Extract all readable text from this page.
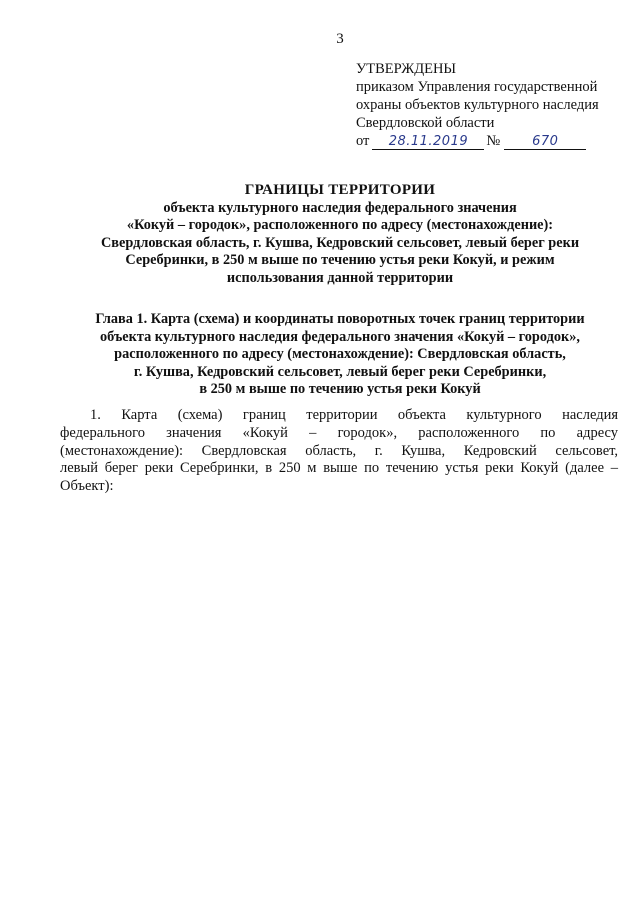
3
УТВЕРЖДЕНЫ
приказом Управления государственной
охраны объектов культурного наследия
Свердловской области
от	28.11.2019	№	670
ГРАНИЦЫ ТЕРРИТОРИИ
объекта культурного наследия федерального значения
«Кокуй – городок», расположенного по адресу (местонахождение):
Свердловская область, г. Кушва, Кедровский сельсовет, левый берег реки
Серебринки, в 250 м выше по течению устья реки Кокуй, и режим
использования данной территории
Глава 1. Карта (схема) и координаты поворотных точек границ территории
объекта культурного наследия федерального значения «Кокуй – городок»,
расположенного по адресу (местонахождение): Свердловская область,
г. Кушва, Кедровский сельсовет, левый берег реки Серебринки,
в 250 м выше по течению устья реки Кокуй
1. Карта (схема) границ территории объекта культурного наследия
федерального значения «Кокуй – городок», расположенного по адресу
(местонахождение): Свердловская область, г. Кушва, Кедровский сельсовет,
левый берег реки Серебринки, в 250 м выше по течению устья реки Кокуй (далее –
Объект):
